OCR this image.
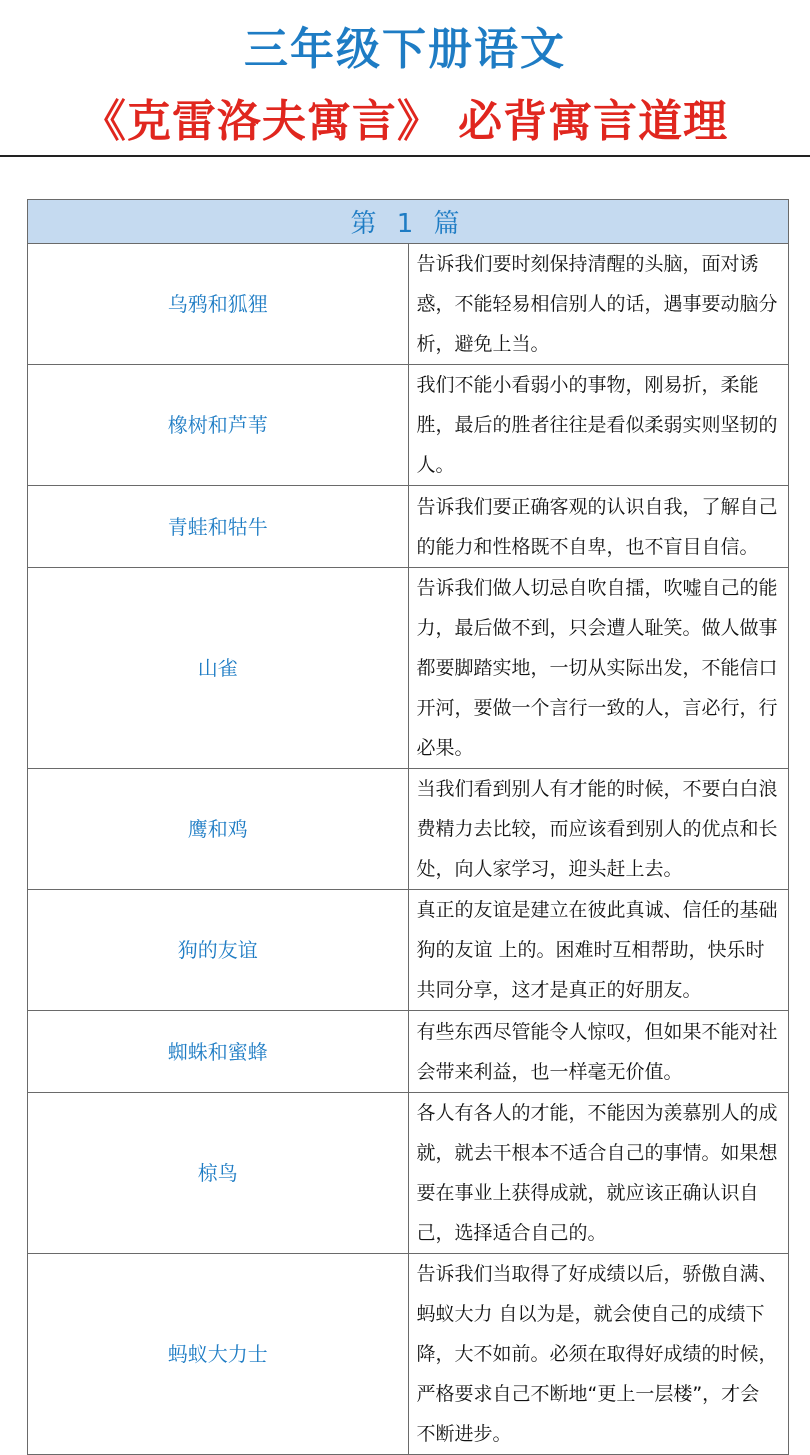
三年级下册语文
《克雷洛夫寓言》 必背寓言道理
第 1 篇	
乌鸦和狐狸	告诉我们要时刻保持清醒的头脑，面对诱惑，不能轻易相信别人的话，遇事要动脑分析，避免上当。
橡树和芦苇	我们不能小看弱小的事物，刚易折，柔能胜，最后的胜者往往是看似柔弱实则坚韧的人。
青蛙和牯牛	告诉我们要正确客观的认识自我，了解自己的能力和性格既不自卑，也不盲目自信。
山雀	告诉我们做人切忌自吹自擂，吹嘘自己的能力，最后做不到，只会遭人耻笑。做人做事都要脚踏实地，一切从实际出发，不能信口开河，要做一个言行一致的人，言必行，行必果。
鹰和鸡	当我们看到别人有才能的时候，不要白白浪费精力去比较，而应该看到别人的优点和长处，向人家学习，迎头赶上去。
狗的友谊	真正的友谊是建立在彼此真诚、信任的基础狗的友谊 上的。困难时互相帮助，快乐时共同分享，这才是真正的好朋友。
蜘蛛和蜜蜂	有些东西尽管能令人惊叹，但如果不能对社会带来利益，也一样毫无价值。
椋鸟	各人有各人的才能，不能因为羡慕别人的成就，就去干根本不适合自己的事情。如果想要在事业上获得成就，就应该正确认识自己，选择适合自己的。
蚂蚁大力士	告诉我们当取得了好成绩以后，骄傲自满、蚂蚁大力 自以为是，就会使自己的成绩下降，大不如前。必须在取得好成绩的时候，严格要求自己不断地“更上一层楼”，才会不断进步。
